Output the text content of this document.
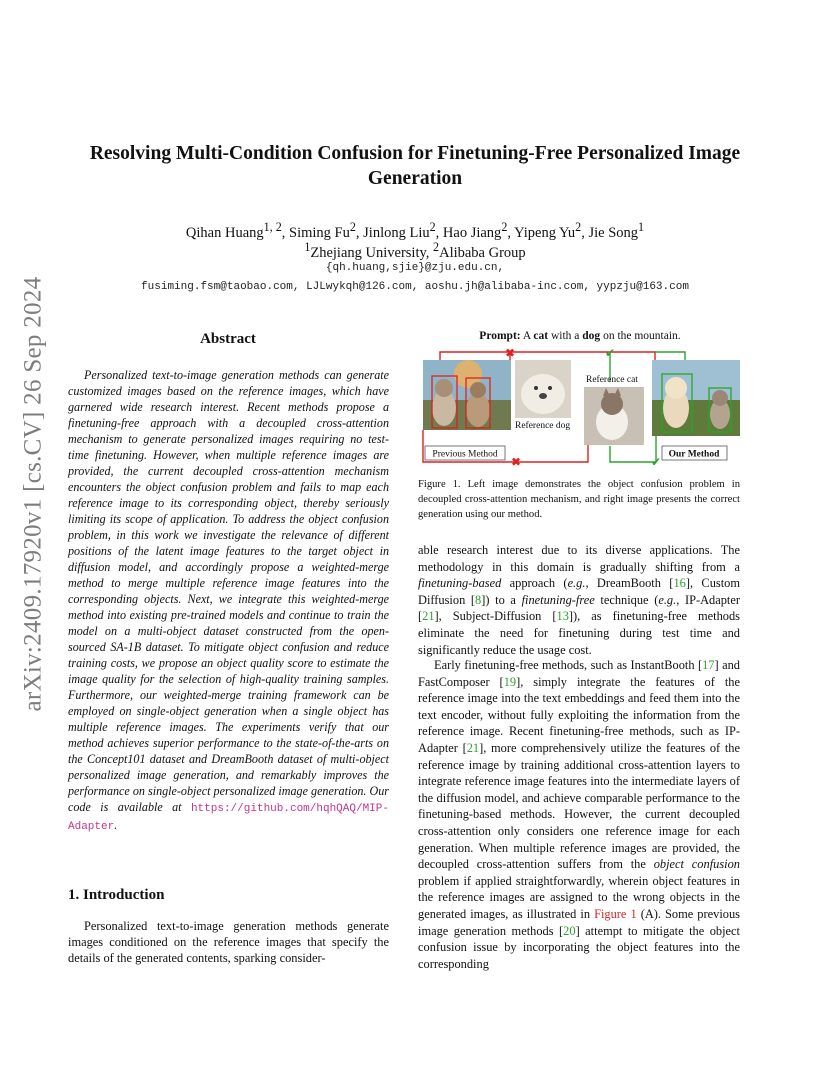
arXiv:2409.17920v1 [cs.CV] 26 Sep 2024
Resolving Multi-Condition Confusion for Finetuning-Free Personalized Image Generation
Qihan Huang$^{1, 2}$, Siming Fu$^2$, Jinlong Liu$^2$, Hao Jiang$^2$, Yipeng Yu$^2$, Jie Song$^1$
$^1$Zhejiang University, $^2$Alibaba Group
{qh.huang,sjie}@zju.edu.cn,
fusiming.fsm@taobao.com, LJLwykqh@126.com, aoshu.jh@alibaba-inc.com, yypzju@163.com
Abstract

Personalized text-to-image generation methods can generate customized images based on the reference images, which have garnered wide research interest. Recent methods propose a finetuning-free approach with a decoupled cross-attention mechanism to generate personalized images requiring no test-time finetuning. However, when multiple reference images are provided, the current decoupled cross-attention mechanism encounters the object confusion problem and fails to map each reference image to its corresponding object, thereby seriously limiting its scope of application. To address the object confusion problem, in this work we investigate the relevance of different positions of the latent image features to the target object in diffusion model, and accordingly propose a weighted-merge method to merge multiple reference image features into the corresponding objects. Next, we integrate this weighted-merge method into existing pre-trained models and continue to train the model on a multi-object dataset constructed from the open-sourced SA-1B dataset. To mitigate object confusion and reduce training costs, we propose an object quality score to estimate the image quality for the selection of high-quality training samples. Furthermore, our weighted-merge training framework can be employed on single-object generation when a single object has multiple reference images. The experiments verify that our method achieves superior performance to the state-of-the-arts on the Concept101 dataset and DreamBooth dataset of multi-object personalized image generation, and remarkably improves the performance on single-object personalized image generation. Our code is available at https://github.com/hqhQAQ/MIP-Adapter.

1. Introduction

Personalized text-to-image generation methods generate images conditioned on the reference images that specify the details of the generated contents, sparking consider-

Prompt: A cat with a dog on the mountain.
Reference dog
Reference cat
Previous Method	Our Method
✖	✔
✖	✔

Figure 1. Left image demonstrates the object confusion problem in decoupled cross-attention mechanism, and right image presents the correct generation using our method.

able research interest due to its diverse applications. The methodology in this domain is gradually shifting from a finetuning-based approach (e.g., DreamBooth [16], Custom Diffusion [8]) to a finetuning-free technique (e.g., IP-Adapter [21], Subject-Diffusion [13]), as finetuning-free methods eliminate the need for finetuning during test time and significantly reduce the usage cost.

Early finetuning-free methods, such as InstantBooth [17] and FastComposer [19], simply integrate the features of the reference image into the text embeddings and feed them into the text encoder, without fully exploiting the information from the reference image. Recent finetuning-free methods, such as IP-Adapter [21], more comprehensively utilize the features of the reference image by training additional cross-attention layers to integrate reference image features into the intermediate layers of the diffusion model, and achieve comparable performance to the finetuning-based methods. However, the current decoupled cross-attention only considers one reference image for each generation. When multiple reference images are provided, the decoupled cross-attention suffers from the object confusion problem if applied straightforwardly, wherein object features in the reference images are assigned to the wrong objects in the generated images, as illustrated in Figure 1 (A). Some previous image generation methods [20] attempt to mitigate the object confusion issue by incorporating the object features into the corresponding
